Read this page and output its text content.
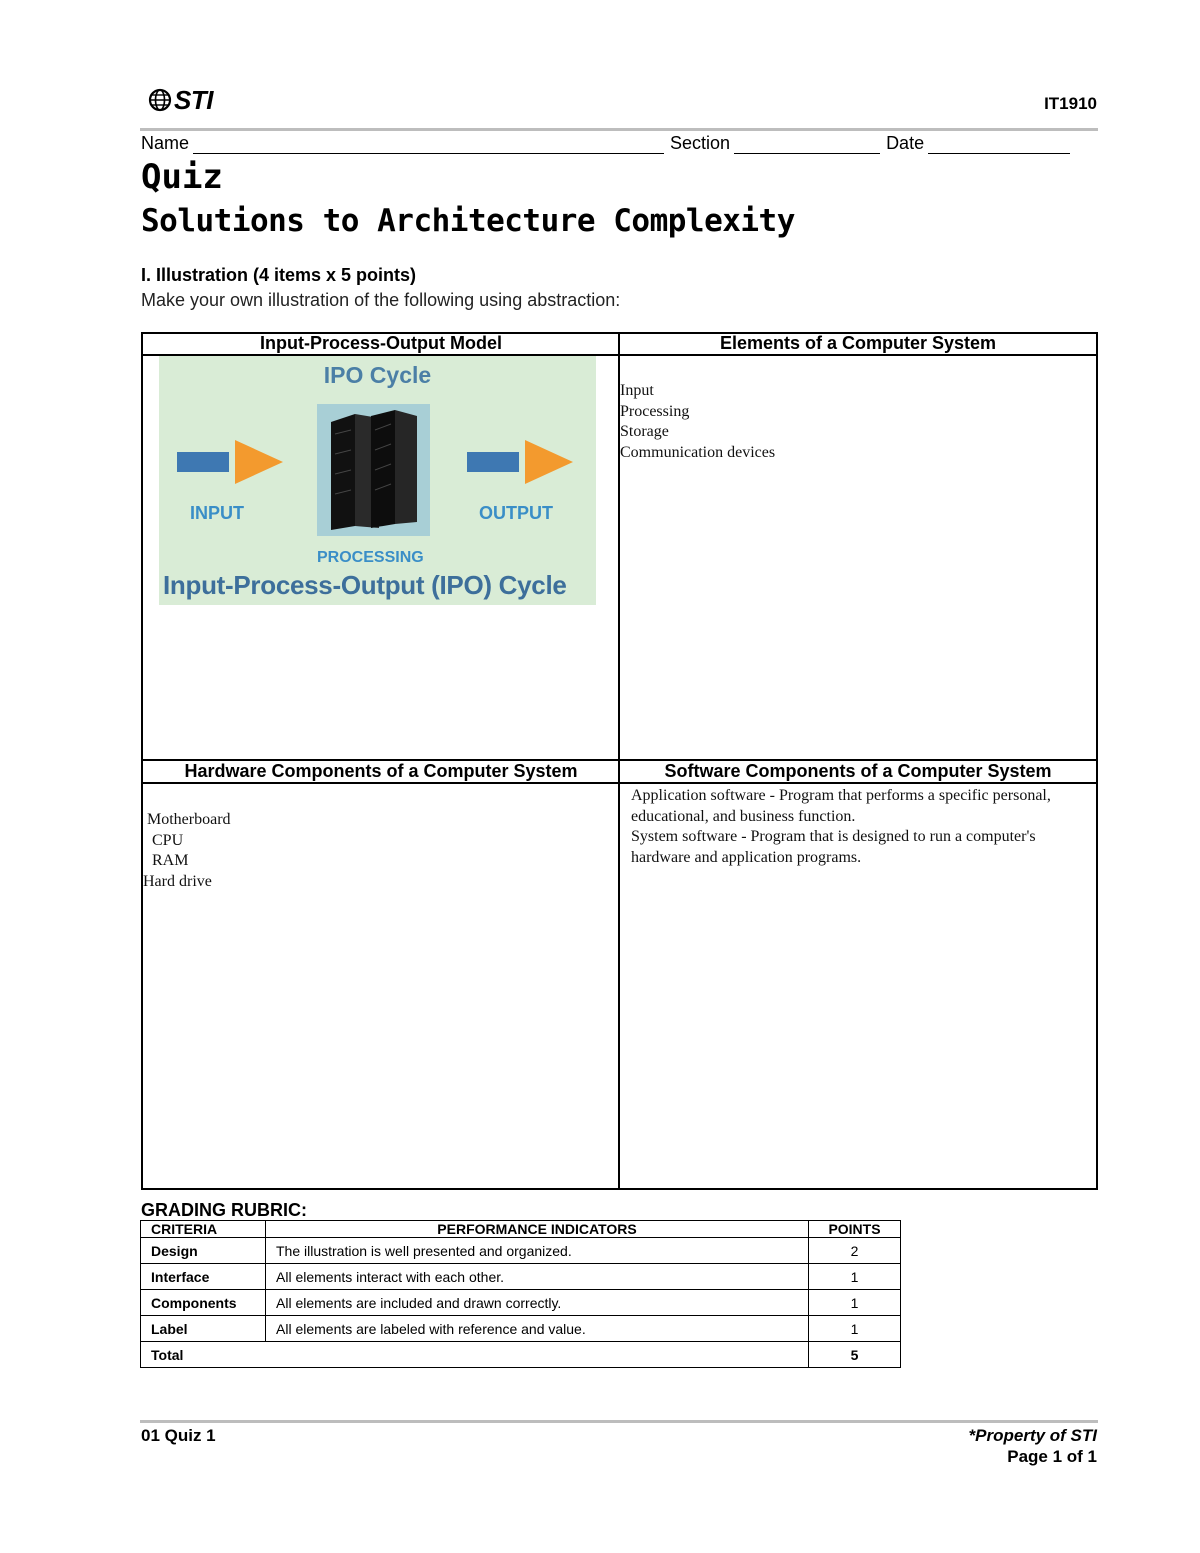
STI	IT1910
Name	Section	Date
Quiz
Solutions to Architecture Complexity
I. Illustration (4 items x 5 points)
Make your own illustration of the following using abstraction:
Input-Process-Output Model	Elements of a Computer System
Hardware Components of a Computer System	Software Components of a Computer System
IPO Cycle
INPUT	OUTPUT
PROCESSING
Input-Process-Output (IPO) Cycle
Input
Processing
Storage
Communication devices
Motherboard
CPU
RAM
Hard drive
Application software - Program that performs a specific personal,
educational, and business function.
System software - Program that is designed to run a computer's
hardware and application programs.
GRADING RUBRIC:
CRITERIA	PERFORMANCE INDICATORS	POINTS
Design	The illustration is well presented and organized.	2
Interface	All elements interact with each other.	1
Components	All elements are included and drawn correctly.	1
Label	All elements are labeled with reference and value.	1
Total		5
01 Quiz 1	*Property of STI
Page 1 of 1
